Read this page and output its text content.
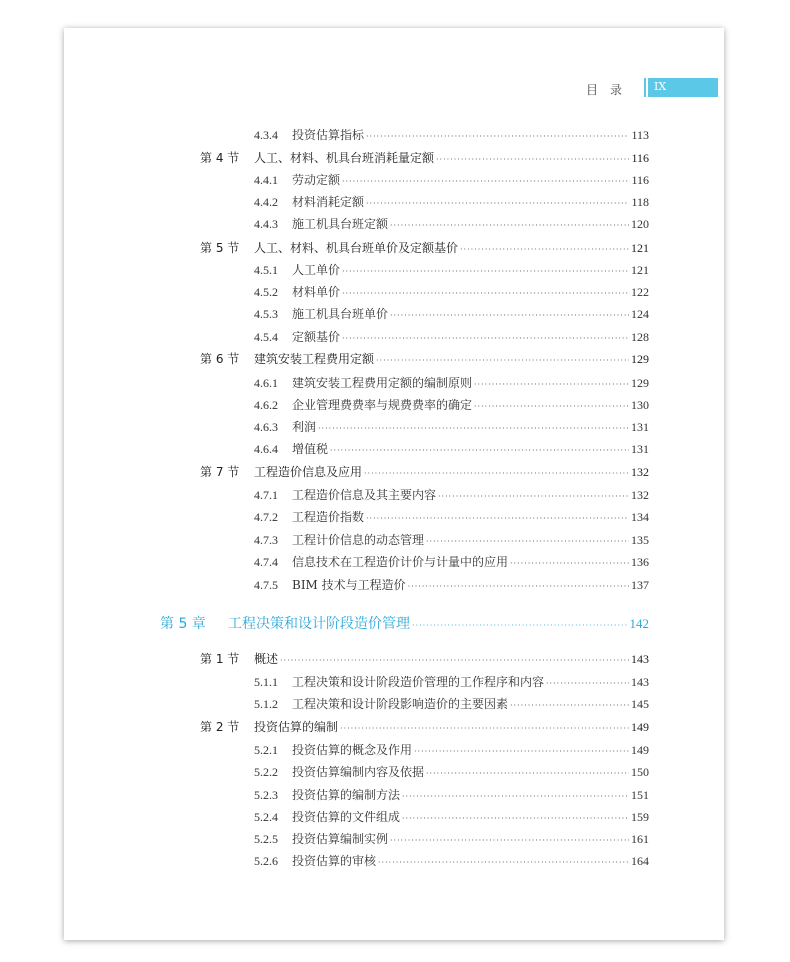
目　录	IX
4.3.4	投资估算指标 ·····	113
第 4 节	人工、材料、机具台班消耗量定额 ·····	116
4.4.1	劳动定额 ·····	116
4.4.2	材料消耗定额 ·····	118
4.4.3	施工机具台班定额 ·····	120
第 5 节	人工、材料、机具台班单价及定额基价 ·····	121
4.5.1	人工单价 ·····	121
4.5.2	材料单价 ·····	122
4.5.3	施工机具台班单价 ·····	124
4.5.4	定额基价 ·····	128
第 6 节	建筑安装工程费用定额 ·····	129
4.6.1	建筑安装工程费用定额的编制原则 ·····	129
4.6.2	企业管理费费率与规费费率的确定 ·····	130
4.6.3	利润 ·····	131
4.6.4	增值税 ·····	131
第 7 节	工程造价信息及应用 ·····	132
4.7.1	工程造价信息及其主要内容 ·····	132
4.7.2	工程造价指数 ·····	134
4.7.3	工程计价信息的动态管理 ·····	135
4.7.4	信息技术在工程造价计价与计量中的应用 ·····	136
4.7.5	BIM 技术与工程造价 ·····	137
第 5 章	工程决策和设计阶段造价管理 ·····	142
第 1 节	概述 ·····	143
5.1.1	工程决策和设计阶段造价管理的工作程序和内容 ·····	143
5.1.2	工程决策和设计阶段影响造价的主要因素 ·····	145
第 2 节	投资估算的编制 ·····	149
5.2.1	投资估算的概念及作用 ·····	149
5.2.2	投资估算编制内容及依据 ·····	150
5.2.3	投资估算的编制方法 ·····	151
5.2.4	投资估算的文件组成 ·····	159
5.2.5	投资估算编制实例 ·····	161
5.2.6	投资估算的审核 ·····	164
